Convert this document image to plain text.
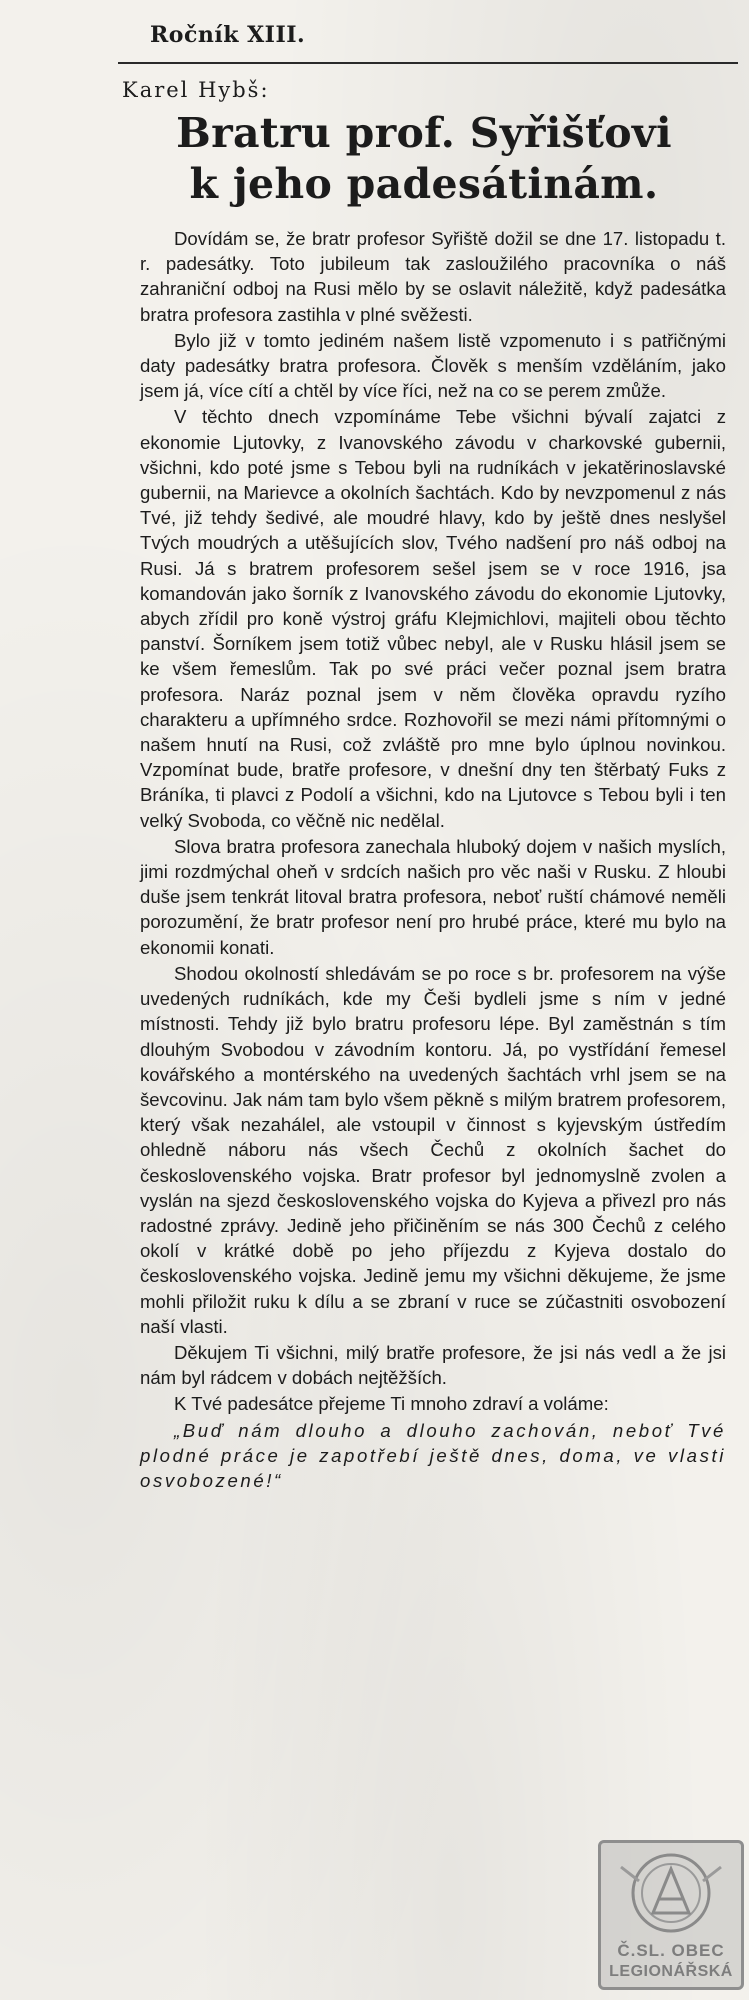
Ročník XIII.
Karel Hybš:
Bratru prof. Syřišťovi
k jeho padesátinám.

Dovídám se, že bratr profesor Syřiště dožil se dne 17. listopadu t. r. padesátky. Toto jubileum tak zasloužilého pracovníka o náš zahraniční odboj na Rusi mělo by se oslavit náležitě, když padesátka bratra profesora zastihla v plné svěžesti.

Bylo již v tomto jediném našem listě vzpomenuto i s patřičnými daty padesátky bratra profesora. Člověk s menším vzděláním, jako jsem já, více cítí a chtěl by více říci, než na co se perem zmůže.

V těchto dnech vzpomínáme Tebe všichni bývalí zajatci z ekonomie Ljutovky, z Ivanovského závodu v charkovské gubernii, všichni, kdo poté jsme s Tebou byli na rudníkách v jekatěrinoslavské gubernii, na Marievce a okolních šachtách. Kdo by nevzpomenul z nás Tvé, již tehdy šedivé, ale moudré hlavy, kdo by ještě dnes neslyšel Tvých moudrých a utěšujících slov, Tvého nadšení pro náš odboj na Rusi. Já s bratrem profesorem sešel jsem se v roce 1916, jsa komandován jako šorník z Ivanovského závodu do ekonomie Ljutovky, abych zřídil pro koně výstroj gráfu Klejmichlovi, majiteli obou těchto panství. Šorníkem jsem totiž vůbec nebyl, ale v Rusku hlásil jsem se ke všem řemeslům. Tak po své práci večer poznal jsem bratra profesora. Naráz poznal jsem v něm člověka opravdu ryzího charakteru a upřímného srdce. Rozhovořil se mezi námi přítomnými o našem hnutí na Rusi, což zvláště pro mne bylo úplnou novinkou. Vzpomínat bude, bratře profesore, v dnešní dny ten štěrbatý Fuks z Bráníka, ti plavci z Podolí a všichni, kdo na Ljutovce s Tebou byli i ten velký Svoboda, co věčně nic nedělal.

Slova bratra profesora zanechala hluboký dojem v našich myslích, jimi rozdmýchal oheň v srdcích našich pro věc naši v Rusku. Z hloubi duše jsem tenkrát litoval bratra profesora, neboť ruští chámové neměli porozumění, že bratr profesor není pro hrubé práce, které mu bylo na ekonomii konati.

Shodou okolností shledávám se po roce s br. profesorem na výše uvedených rudníkách, kde my Češi bydleli jsme s ním v jedné místnosti. Tehdy již bylo bratru profesoru lépe. Byl zaměstnán s tím dlouhým Svobodou v závodním kontoru. Já, po vystřídání řemesel kovářského a montérského na uvedených šachtách vrhl jsem se na ševcovinu. Jak nám tam bylo všem pěkně s milým bratrem profesorem, který však nezahálel, ale vstoupil v činnost s kyjevským ústředím ohledně náboru nás všech Čechů z okolních šachet do československého vojska. Bratr profesor byl jednomyslně zvolen a vyslán na sjezd československého vojska do Kyjeva a přivezl pro nás radostné zprávy. Jedině jeho přičiněním se nás 300 Čechů z celého okolí v krátké době po jeho příjezdu z Kyjeva dostalo do československého vojska. Jedině jemu my všichni děkujeme, že jsme mohli přiložit ruku k dílu a se zbraní v ruce se zúčastniti osvobození naší vlasti.

Děkujem Ti všichni, milý bratře profesore, že jsi nás vedl a že jsi nám byl rádcem v dobách nejtěžších.

K Tvé padesátce přejeme Ti mnoho zdraví a voláme:

„Buď nám dlouho a dlouho zachován, neboť Tvé plodné práce je zapotřebí ještě dnes, doma, ve vlasti osvobozené!“

Č.SL. OBEC
LEGIONÁŘSKÁ
